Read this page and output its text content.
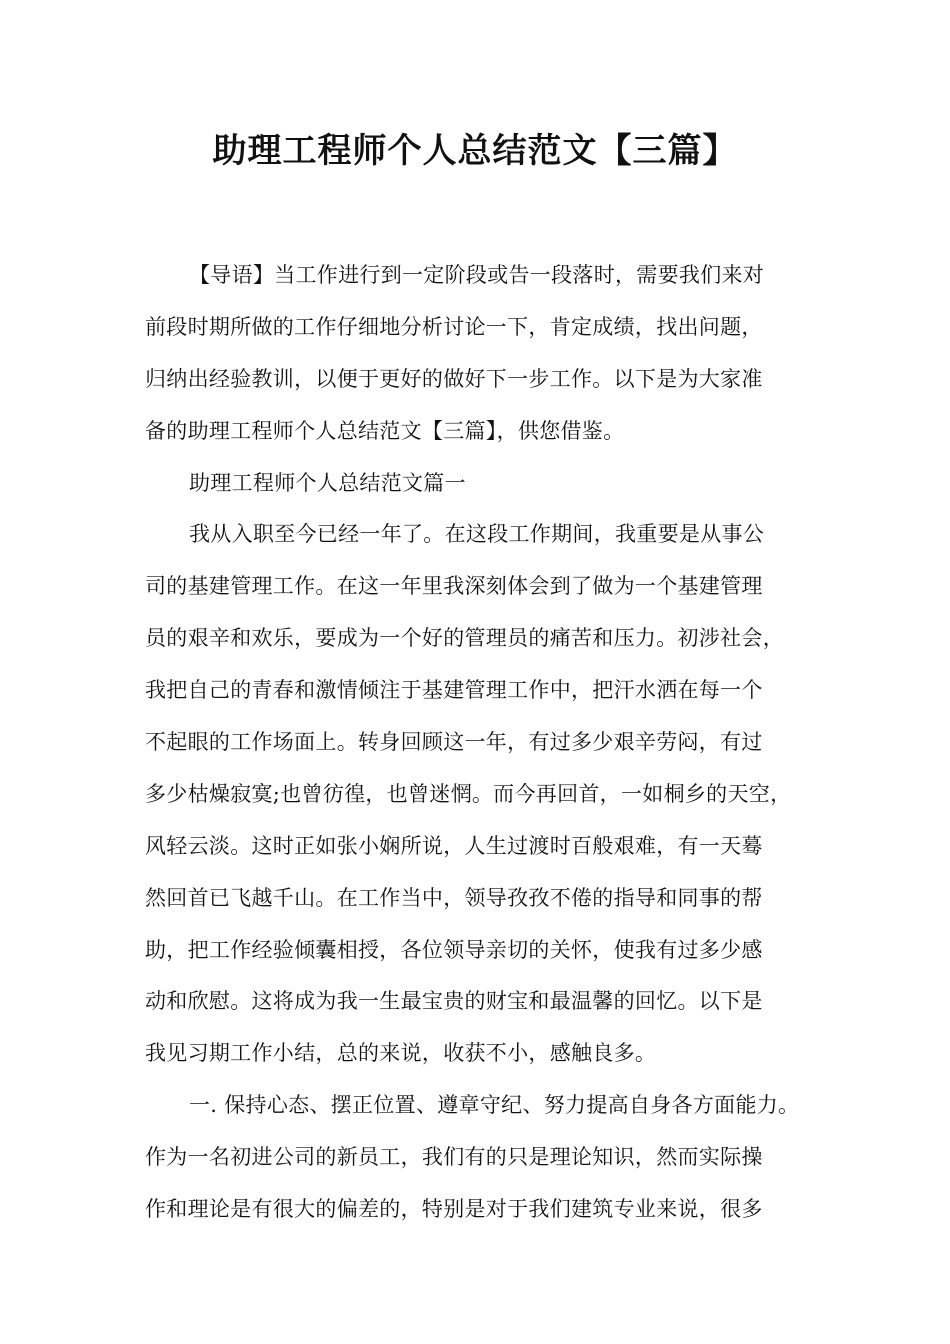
助理工程师个人总结范文【三篇】
【导语】当工作进行到一定阶段或告一段落时，需要我们来对
前段时期所做的工作仔细地分析讨论一下，肯定成绩，找出问题，
归纳出经验教训，以便于更好的做好下一步工作。以下是为大家准
备的助理工程师个人总结范文【三篇】，供您借鉴。
助理工程师个人总结范文篇一
我从入职至今已经一年了。在这段工作期间，我重要是从事公
司的基建管理工作。在这一年里我深刻体会到了做为一个基建管理
员的艰辛和欢乐，要成为一个好的管理员的痛苦和压力。初涉社会，
我把自己的青春和激情倾注于基建管理工作中，把汗水洒在每一个
不起眼的工作场面上。转身回顾这一年，有过多少艰辛劳闷，有过
多少枯燥寂寞;也曾彷徨，也曾迷惘。而今再回首，一如桐乡的天空，
风轻云淡。这时正如张小娴所说，人生过渡时百般艰难，有一天蓦
然回首已飞越千山。在工作当中，领导孜孜不倦的指导和同事的帮
助，把工作经验倾囊相授，各位领导亲切的关怀，使我有过多少感
动和欣慰。这将成为我一生最宝贵的财宝和最温馨的回忆。以下是
我见习期工作小结，总的来说，收获不小，感触良多。
一. 保持心态、摆正位置、遵章守纪、努力提高自身各方面能力。
作为一名初进公司的新员工，我们有的只是理论知识，然而实际操
作和理论是有很大的偏差的，特别是对于我们建筑专业来说，很多
